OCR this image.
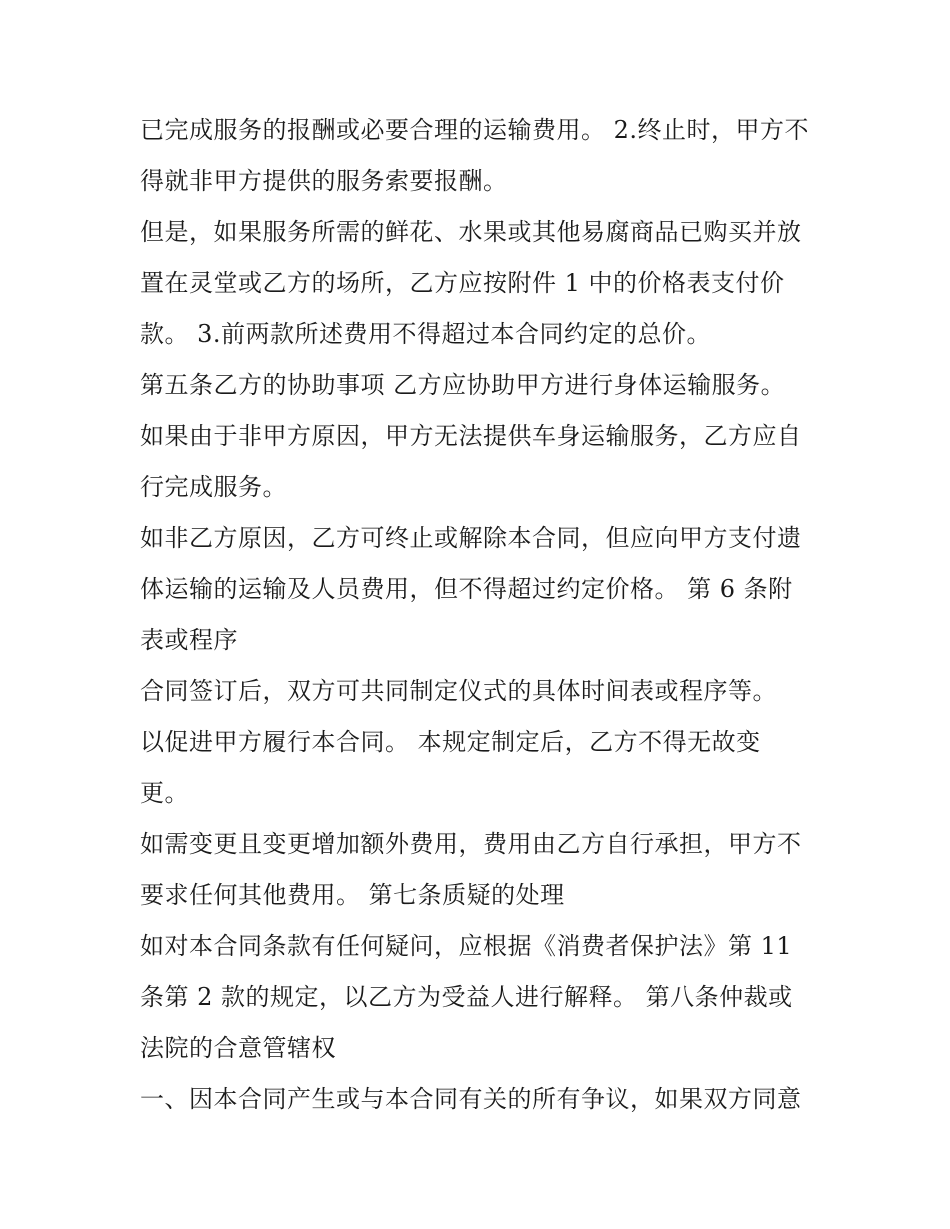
已完成服务的报酬或必要合理的运输费用。 2.终止时，甲方不
得就非甲方提供的服务索要报酬。
但是，如果服务所需的鲜花、水果或其他易腐商品已购买并放
置在灵堂或乙方的场所，乙方应按附件 1 中的价格表支付价
款。 3.前两款所述费用不得超过本合同约定的总价。
第五条乙方的协助事项 乙方应协助甲方进行身体运输服务。
如果由于非甲方原因，甲方无法提供车身运输服务，乙方应自
行完成服务。
如非乙方原因，乙方可终止或解除本合同，但应向甲方支付遗
体运输的运输及人员费用，但不得超过约定价格。 第 6 条附
表或程序
合同签订后，双方可共同制定仪式的具体时间表或程序等。
以促进甲方履行本合同。 本规定制定后，乙方不得无故变
更。
如需变更且变更增加额外费用，费用由乙方自行承担，甲方不
要求任何其他费用。 第七条质疑的处理
如对本合同条款有任何疑问，应根据《消费者保护法》第 11
条第 2 款的规定，以乙方为受益人进行解释。 第八条仲裁或
法院的合意管辖权
一、因本合同产生或与本合同有关的所有争议，如果双方同意
